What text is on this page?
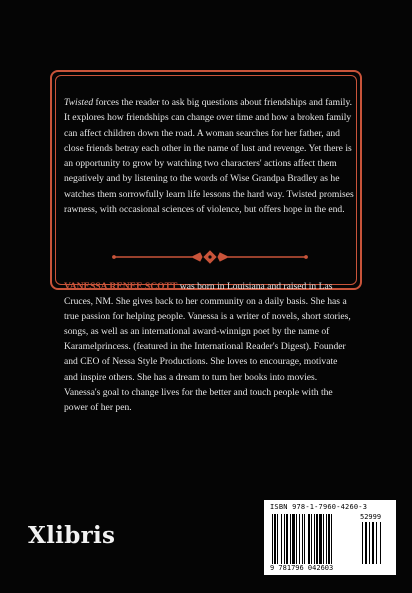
Twisted forces the reader to ask big questions about friendships and family. It explores how friendships can change over time and how a broken family can affect children down the road. A woman searches for her father, and close friends betray each other in the name of lust and revenge. Yet there is an opportunity to grow by watching two characters' actions affect them negatively and by listening to the words of Wise Grandpa Bradley as he watches them sorrowfully learn life lessons the hard way. Twisted promises rawness, with occasional sciences of violence, but offers hope in the end.

VANESSA RENEE SCOTT was born in Louisiana and raised in Las Cruces, NM. She gives back to her community on a daily basis. She has a true passion for helping people. Vanessa is a writer of novels, short stories, songs, as well as an international award-winnign poet by the name of Karamelprincess. (featured in the International Reader's Digest). Founder and CEO of Nessa Style Productions. She loves to encourage, motivate and inspire others. She has a dream to turn her books into movies. Vanessa's goal to change lives for the better and touch people with the power of her pen.

Xlibris
ISBN 978-1-7960-4260-3
9 781796 042603
52999
